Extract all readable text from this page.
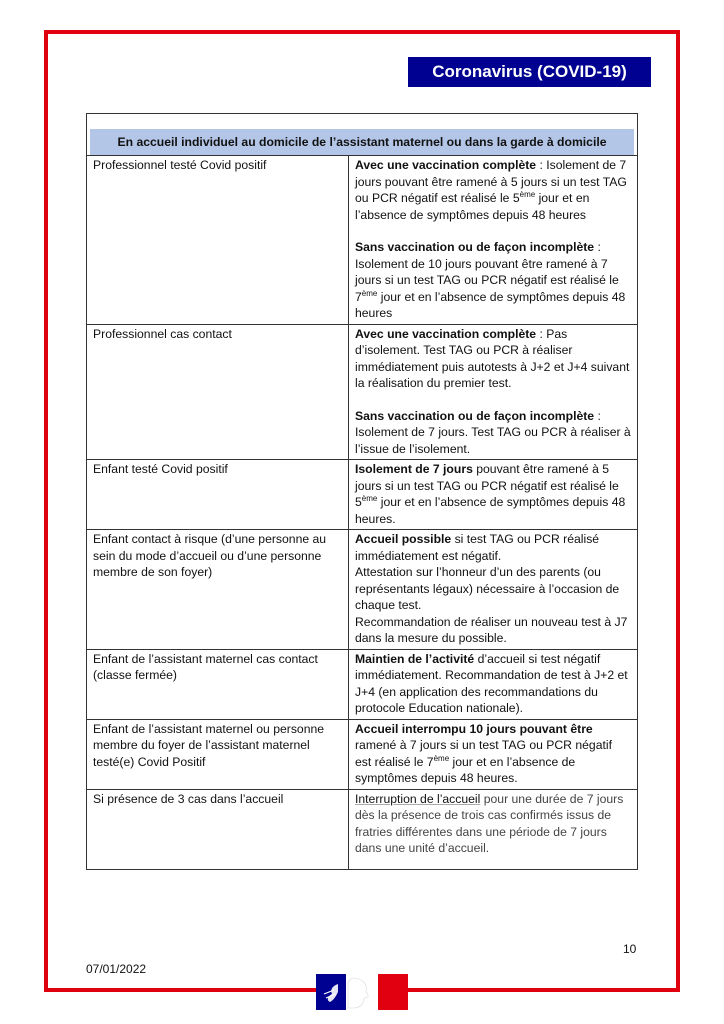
Coronavirus (COVID-19)
En accueil individuel au domicile de l’assistant maternel ou dans la garde à domicile	

Professionnel testé Covid positif	Avec une vaccination complète : Isolement de 7 jours pouvant être ramené à 5 jours si un test TAG ou PCR négatif est réalisé le 5ème jour et en l’absence de symptômes depuis 48 heures
Sans vaccination ou de façon incomplète : Isolement de 10 jours pouvant être ramené à 7 jours si un test TAG ou PCR négatif est réalisé le 7ème jour et en l’absence de symptômes depuis 48 heures

Professionnel cas contact	Avec une vaccination complète : Pas d’isolement. Test TAG ou PCR à réaliser immédiatement puis autotests à J+2 et J+4 suivant la réalisation du premier test.
Sans vaccination ou de façon incomplète : Isolement de 7 jours. Test TAG ou PCR à réaliser à l’issue de l’isolement.

Enfant testé Covid positif	Isolement de 7 jours pouvant être ramené à 5 jours si un test TAG ou PCR négatif est réalisé le 5ème jour et en l’absence de symptômes depuis 48 heures.

Enfant contact à risque (d’une personne au sein du mode d’accueil ou d’une personne membre de son foyer)	Accueil possible si test TAG ou PCR réalisé immédiatement est négatif.
Attestation sur l’honneur d’un des parents (ou représentants légaux) nécessaire à l’occasion de chaque test.
Recommandation de réaliser un nouveau test à J7 dans la mesure du possible.

Enfant de l’assistant maternel cas contact (classe fermée)	Maintien de l’activité d’accueil si test négatif immédiatement. Recommandation de test à J+2 et J+4 (en application des recommandations du protocole Education nationale).

Enfant de l’assistant maternel ou personne membre du foyer de l’assistant maternel testé(e) Covid Positif	Accueil interrompu 10 jours pouvant être ramené à 7 jours si un test TAG ou PCR négatif est réalisé le 7ème jour et en l’absence de symptômes depuis 48 heures.

Si présence de 3 cas dans l’accueil	Interruption de l’accueil pour une durée de 7 jours dès la présence de trois cas confirmés issus de fratries différentes dans une période de 7 jours dans une unité d’accueil.
10
07/01/2022
